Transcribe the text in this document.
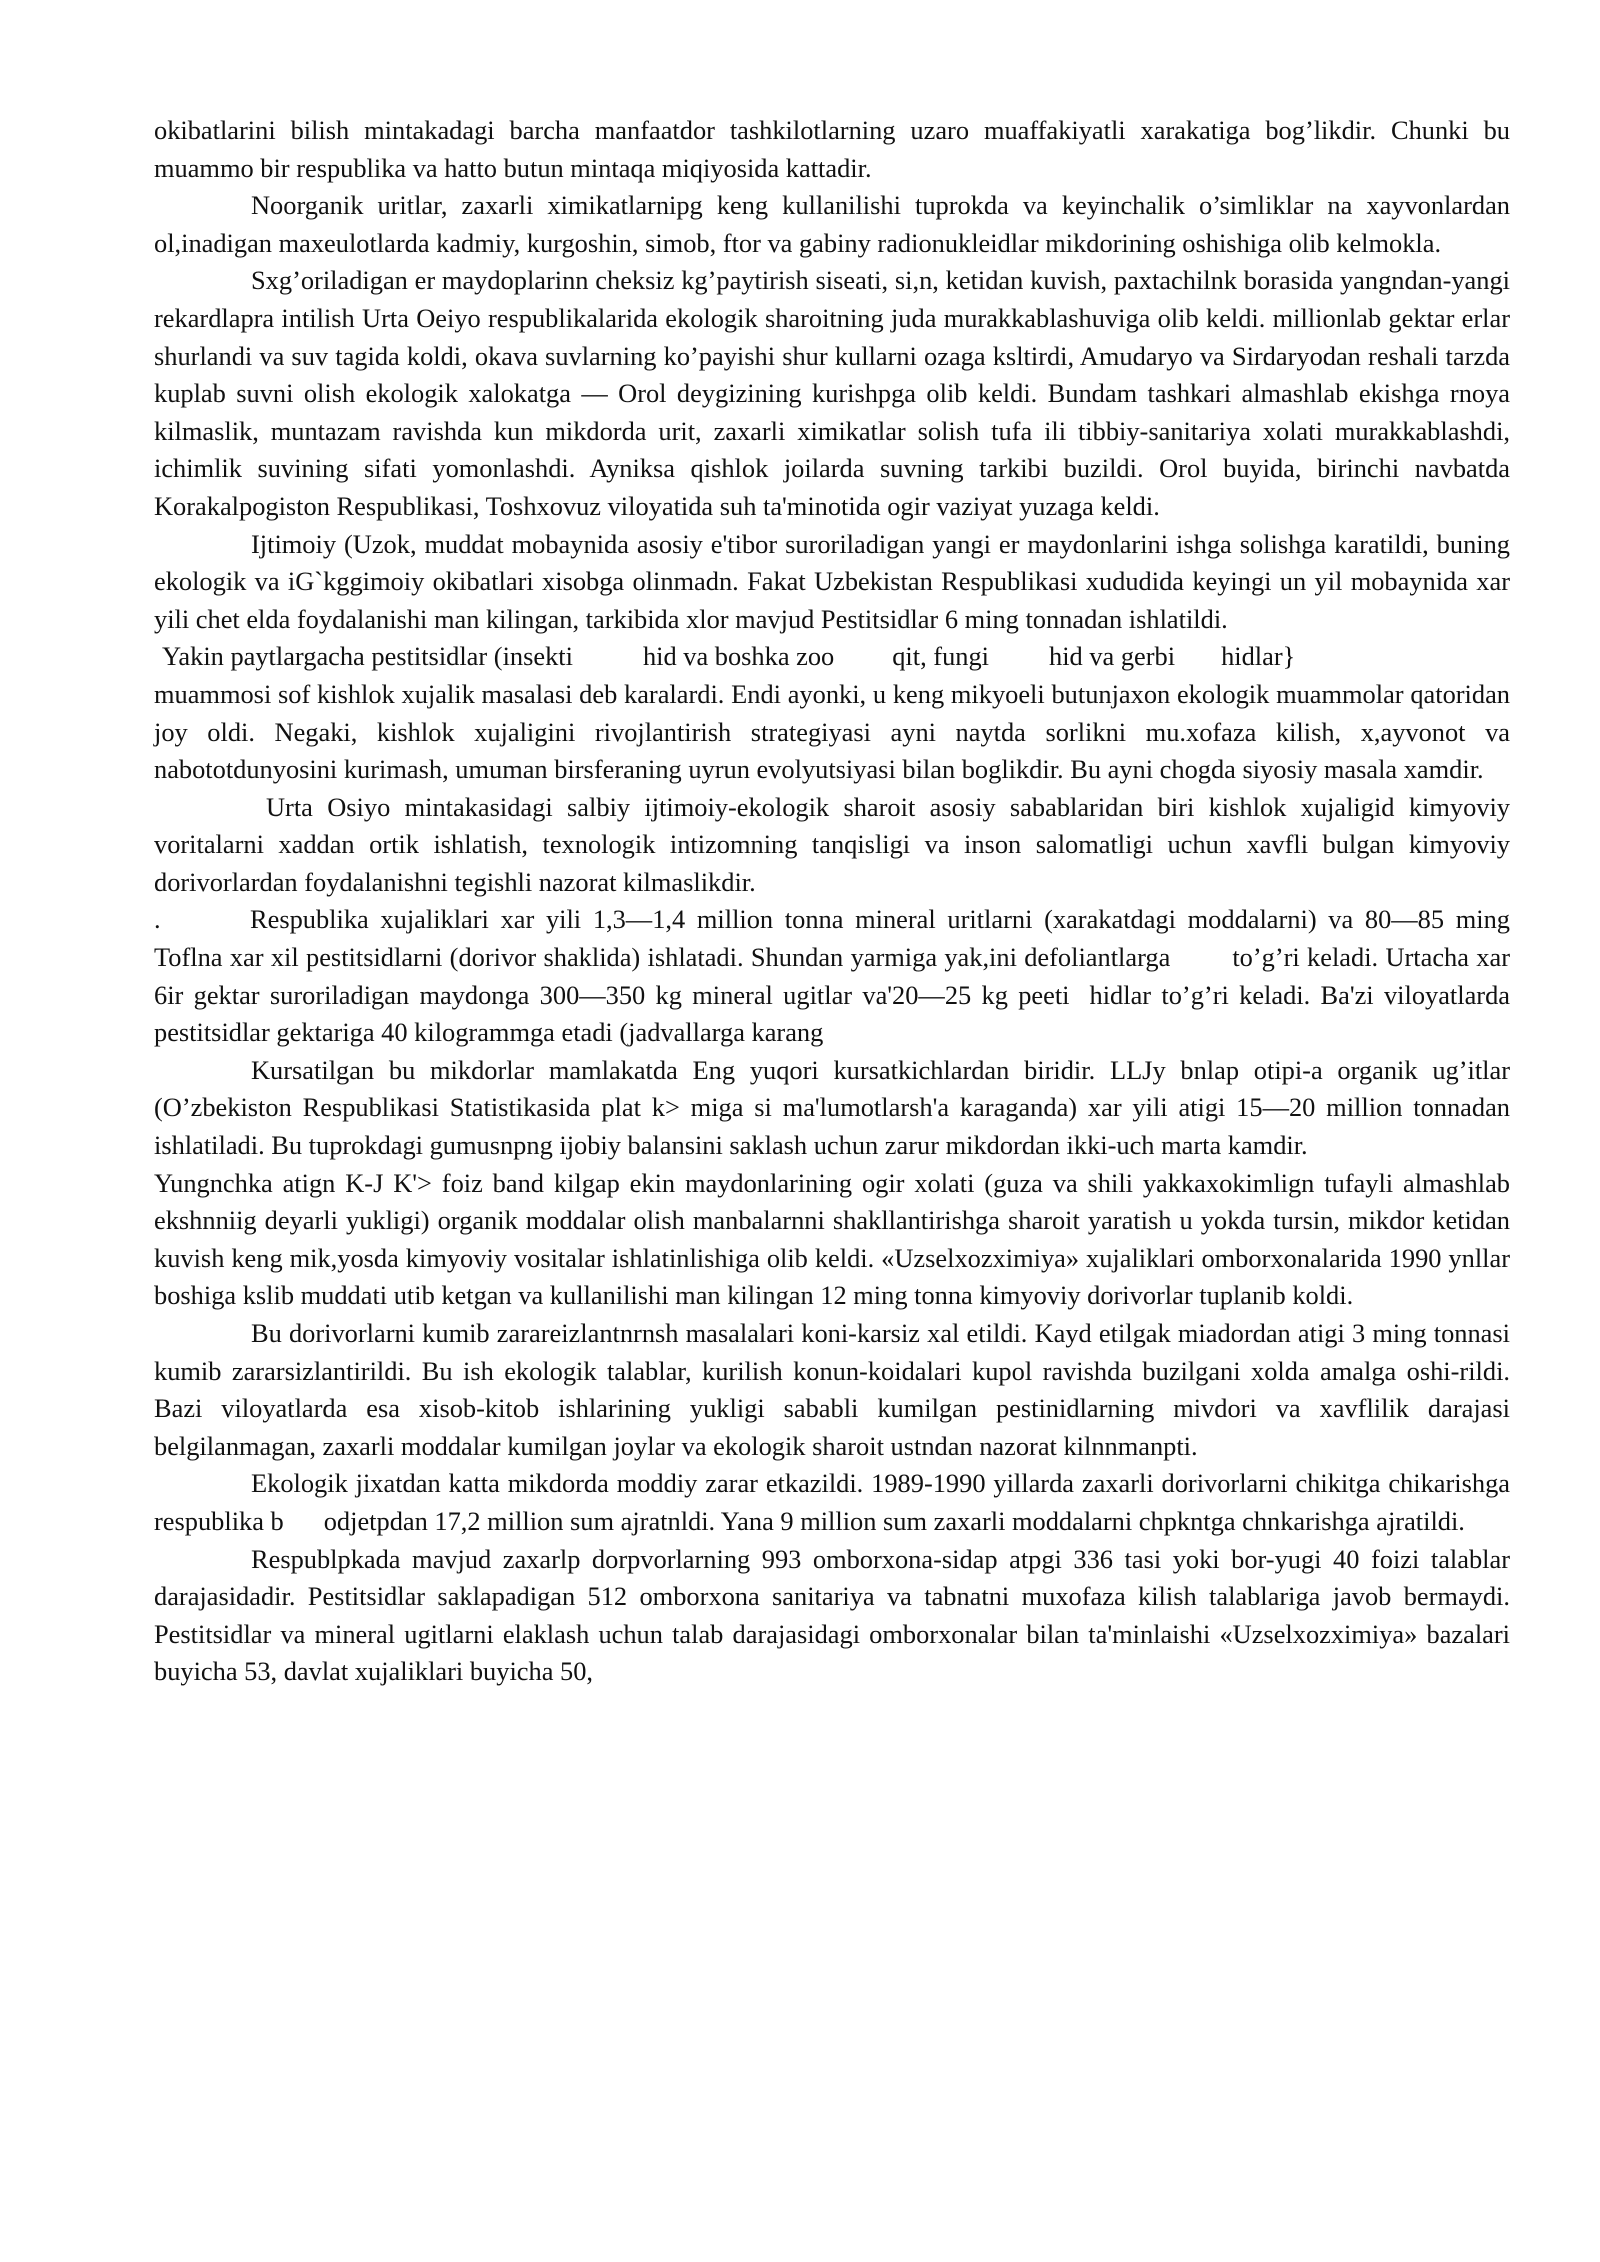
okibatlarini bilish mintakadagi barcha manfaatdor tashkilotlarning uzaro muaffakiyatli xarakatiga bog’likdir. Chunki bu muammo bir respublika va hatto butun mintaqa miqiyosida kattadir.

Noorganik uritlar, zaxarli ximikatlarnipg keng kullanilishi tuprokda va keyinchalik o’simliklar na xayvonlardan ol,inadigan maxeulotlarda kadmiy, kurgoshin, simob, ftor va gabiny radionukleidlar mikdorining oshishiga olib kelmokla.

Sxg’oriladigan er maydoplarinn cheksiz kg’paytirish siseati, si,n, ketidan kuvish, paxtachilnk borasida yangndan-yangi rekardlapra intilish Urta Oeiyo respublikalarida ekologik sharoitning juda murakkablashuviga olib keldi. millionlab gektar erlar shurlandi va suv tagida koldi, okava suvlarning ko’payishi shur kullarni ozaga ksltirdi, Amudaryo va Sirdaryodan reshali tarzda kuplab suvni olish ekologik xalokatga — Orol deygizining kurishpga olib keldi. Bundam tashkari almashlab ekishga rnoya kilmaslik, muntazam ravishda kun mikdorda urit, zaxarli ximikatlar solish tufa ili tibbiy-sanitariya xolati murakkablashdi, ichimlik suvining sifati yomonlashdi. Ayniksa qishlok joilarda suvning tarkibi buzildi. Orol buyida, birinchi navbatda Korakalpogiston Respublikasi, Toshxovuz viloyatida suh ta'minotida ogir vaziyat yuzaga keldi.

Ijtimoiy (Uzok, muddat mobaynida asosiy e'tibor suroriladigan yangi er maydonlarini ishga solishga karatildi, buning ekologik va iG`kggimoiy okibatlari xisobga olinmadn. Fakat Uzbekistan Respublikasi xududida keyingi un yil mobaynida xar yili chet elda foydalanishi man kilingan, tarkibida xlor mavjud Pestitsidlar 6 ming tonnadan ishlatildi.

Yakin paytlargacha pestitsidlar (insekti	hid va boshka zoo qit, fungi hid va gerbi hidlar}
muammosi sof kishlok xujalik masalasi deb karalardi. Endi ayonki, u keng mikyoeli butunjaxon ekologik muammolar qatoridan joy oldi. Negaki, kishlok xujaligini rivojlantirish strategiyasi ayni naytda sorlikni mu.xofaza kilish, x,ayvonot va nabototdunyosini kurimash, umuman birsferaning uyrun evolyutsiyasi bilan boglikdir. Bu ayni chogda siyosiy masala xamdir.

Urta Osiyo mintakasidagi salbiy ijtimoiy-ekologik sharoit asosiy sabablaridan biri kishlok xujaligid kimyoviy voritalarni xaddan ortik ishlatish, texnologik intizomning tanqisligi va inson salomatligi uchun xavfli bulgan kimyoviy dorivorlardan foydalanishni tegishli nazorat kilmaslikdir.

.	Respublika xujaliklari xar yili 1,3—1,4 million tonna mineral uritlarni (xarakatdagi moddalarni) va 80—85 ming Toflna xar xil pestitsidlarni (dorivor shaklida) ishlatadi. Shundan yarmiga yak,ini defoliantlarga to’g’ri keladi. Urtacha xar 6ir gektar suroriladigan maydonga 300—350 kg mineral ugitlar va'20—25 kg peeti hidlar to’g’ri keladi. Ba'zi viloyatlarda pestitsidlar gektariga 40 kilogrammga etadi (jadvallarga karang

Kursatilgan bu mikdorlar mamlakatda Eng yuqori kursatkichlardan biridir. LLJy bnlap otipi-a organik ug’itlar (O’zbekiston Respublikasi Statistikasida plat k> miga si ma'lumotlarsh'a karaganda) xar yili atigi 15—20 million tonnadan ishlatiladi. Bu tuprokdagi gumusnpng ijobiy balansini saklash uchun zarur mikdordan ikki-uch marta kamdir.

Yungnchka atign K-J K'> foiz band kilgap ekin maydonlarining ogir xolati (guza va shili yakkaxokimlign tufayli almashlab ekshnniig deyarli yukligi) organik moddalar olish manbalarnni shakllantirishga sharoit yaratish u yokda tursin, mikdor ketidan kuvish keng mik,yosda kimyoviy vositalar ishlatinlishiga olib keldi. «Uzselxozximiya» xujaliklari omborxonalarida 1990 ynllar boshiga kslib muddati utib ketgan va kullanilishi man kilingan 12 ming tonna kimyoviy dorivorlar tuplanib koldi.

Bu dorivorlarni kumib zarareizlantnrnsh masalalari koni-karsiz xal etildi. Kayd etilgak miadordan atigi 3 ming tonnasi kumib zararsizlantirildi. Bu ish ekologik talablar, kurilish konun-koidalari kupol ravishda buzilgani xolda amalga oshi-rildi. Bazi viloyatlarda esa xisob-kitob ishlarining yukligi sababli kumilgan pestinidlarning mivdori va xavflilik darajasi belgilanmagan, zaxarli moddalar kumilgan joylar va ekologik sharoit ustndan nazorat kilnnmanpti.

Ekologik jixatdan katta mikdorda moddiy zarar etkazildi. 1989-1990 yillarda zaxarli dorivorlarni chikitga chikarishga respublika b odjetpdan 17,2 million sum ajratnldi. Yana 9 million sum zaxarli moddalarni chpkntga chnkarishga ajratildi.

Respublpkada mavjud zaxarlp dorpvorlarning 993 omborxona-sidap atpgi 336 tasi yoki bor-yugi 40 foizi talablar darajasidadir. Pestitsidlar saklapadigan 512 omborxona sanitariya va tabnatni muxofaza kilish talablariga javob bermaydi. Pestitsidlar va mineral ugitlarni elaklash uchun talab darajasidagi omborxonalar bilan ta'minlaishi «Uzselxozximiya» bazalari buyicha 53, davlat xujaliklari buyicha 50,
